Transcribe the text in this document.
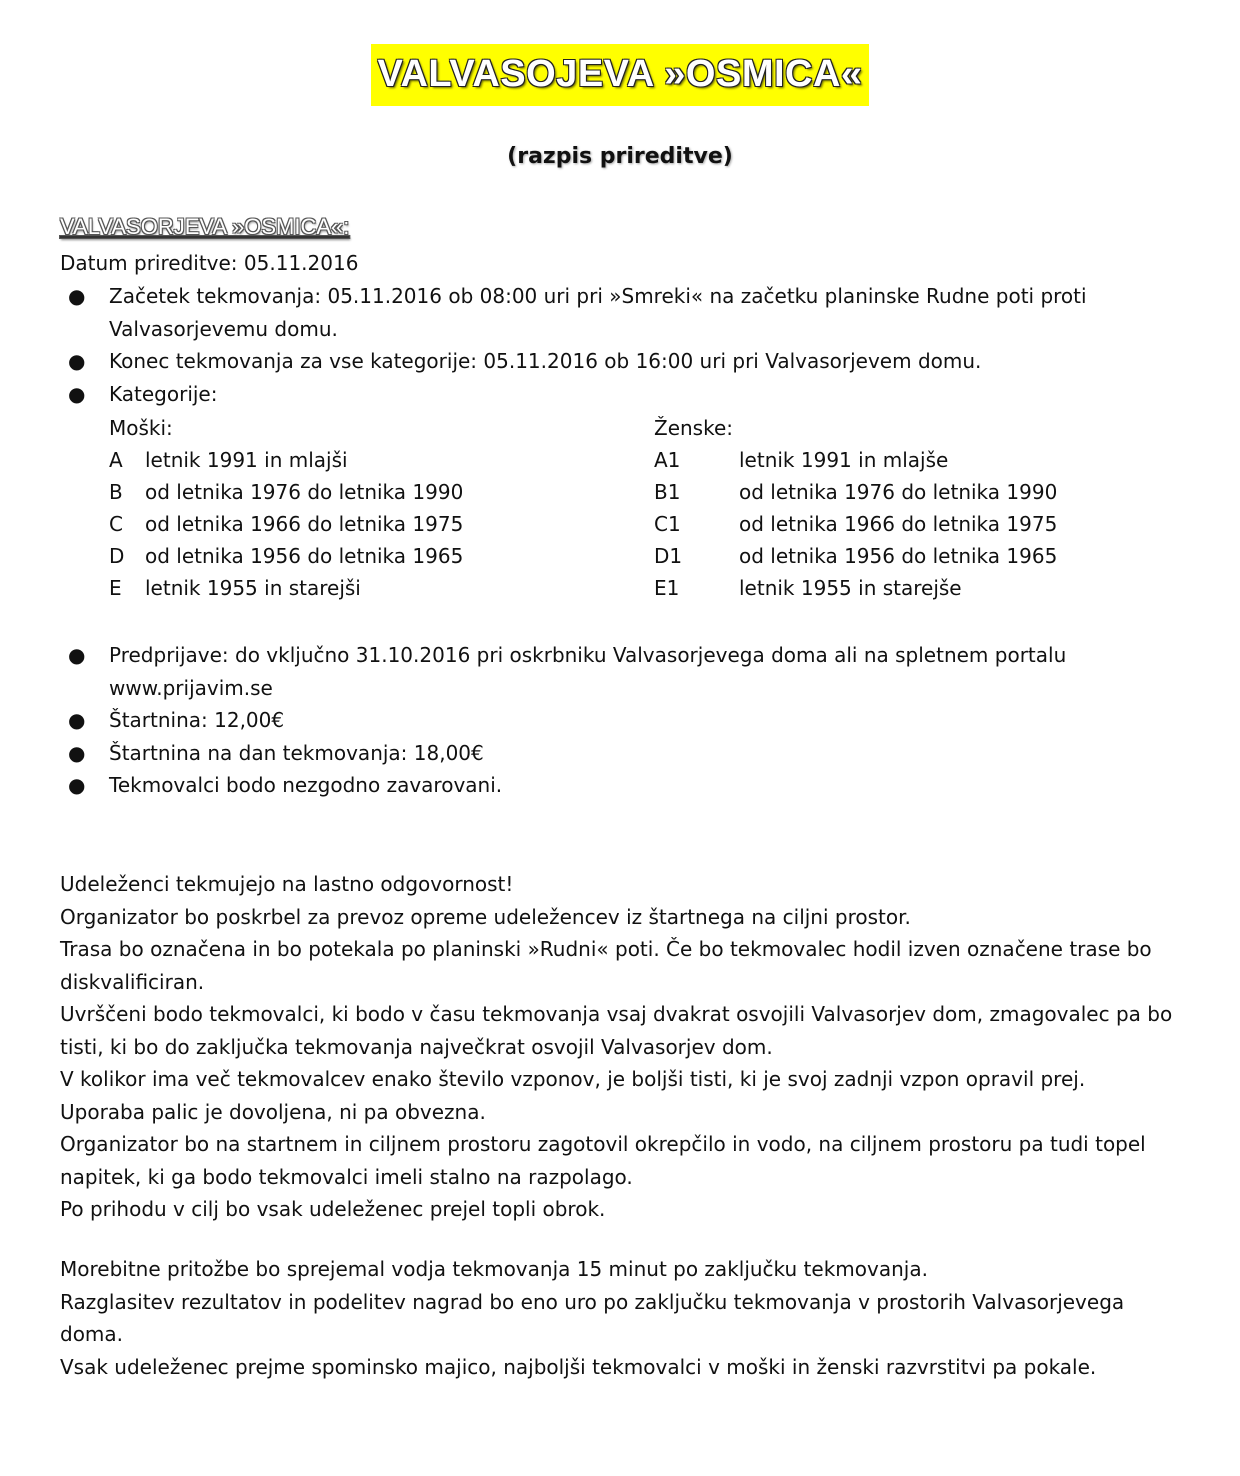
VALVASOJEVA »OSMICA«
(razpis prireditve)
VALVASORJEVA »OSMICA«:
Datum prireditve: 05.11.2016
● Začetek tekmovanja: 05.11.2016 ob 08:00 uri pri »Smreki« na začetku planinske Rudne poti proti Valvasorjevemu domu.
● Konec tekmovanja za vse kategorije: 05.11.2016 ob 16:00 uri pri Valvasorjevem domu.
● Kategorije:
Moški:
A	letnik 1991 in mlajši
B	od letnika 1976 do letnika 1990
C	od letnika 1966 do letnika 1975
D	od letnika 1956 do letnika 1965
E	letnik 1955 in starejši
Ženske:
A1	letnik 1991 in mlajše
B1	od letnika 1976 do letnika 1990
C1	od letnika 1966 do letnika 1975
D1	od letnika 1956 do letnika 1965
E1	letnik 1955 in starejše
● Predprijave: do vključno 31.10.2016 pri oskrbniku Valvasorjevega doma ali na spletnem portalu www.prijavim.se
● Štartnina: 12,00€
● Štartnina na dan tekmovanja: 18,00€
● Tekmovalci bodo nezgodno zavarovani.

Udeleženci tekmujejo na lastno odgovornost!

Organizator bo poskrbel za prevoz opreme udeležencev iz štartnega na ciljni prostor.

Trasa bo označena in bo potekala po planinski »Rudni« poti. Če bo tekmovalec hodil izven označene trase bo diskvalificiran.

Uvrščeni bodo tekmovalci, ki bodo v času tekmovanja vsaj dvakrat osvojili Valvasorjev dom, zmagovalec pa bo tisti, ki bo do zaključka tekmovanja največkrat osvojil Valvasorjev dom.

V kolikor ima več tekmovalcev enako število vzponov, je boljši tisti, ki je svoj zadnji vzpon opravil prej.

Uporaba palic je dovoljena, ni pa obvezna.

Organizator bo na startnem in ciljnem prostoru zagotovil okrepčilo in vodo, na ciljnem prostoru pa tudi topel napitek, ki ga bodo tekmovalci imeli stalno na razpolago.

Po prihodu v cilj bo vsak udeleženec prejel topli obrok.

Morebitne pritožbe bo sprejemal vodja tekmovanja 15 minut po zaključku tekmovanja.

Razglasitev rezultatov in podelitev nagrad bo eno uro po zaključku tekmovanja v prostorih Valvasorjevega doma.

Vsak udeleženec prejme spominsko majico, najboljši tekmovalci v moški in ženski razvrstitvi pa pokale.
